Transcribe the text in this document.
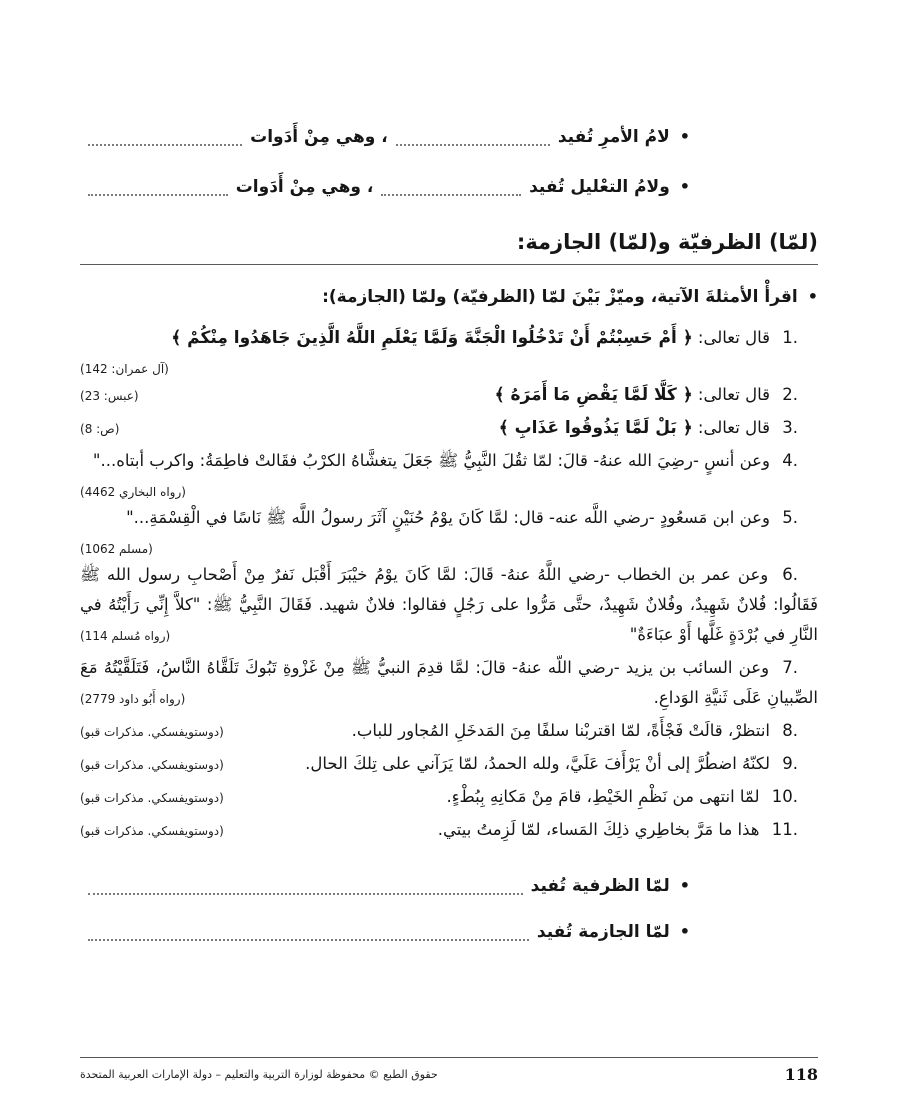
•
لامُ الأمرِ تُفيد
، وهي مِنْ أَدَوات
•
ولامُ التعْليل تُفيد
، وهي مِنْ أَدَوات
(لمّا) الظرفيّة و(لمّا) الجازمة:
•
اقرأْ الأمثلةَ الآتية، وميّزْ بَيْنَ لمّا (الظرفيّة) ولمّا (الجازمة):
1. قال تعالى: ﴿ أَمْ حَسِبْتُمْ أَنْ تَدْخُلُوا الْجَنَّةَ وَلَمَّا يَعْلَمِ اللَّهُ الَّذِينَ جَاهَدُوا مِنْكُمْ ﴾
(آل عمران: 142)
2. قال تعالى: ﴿ كَلَّا لَمَّا يَقْضِ مَا أَمَرَهُ ﴾
(عبس: 23)
3. قال تعالى: ﴿ بَلْ لَمَّا يَذُوقُوا عَذَابِ ﴾
(ص: 8)
4. وعن أنسٍ -رضِيَ الله عنهُ- قالَ: لمّا ثقُلَ النَّبِيُّ ﷺ جَعَلَ يتغشَّاهُ الكرْبُ فقَالتْ فاطِمَةُ: واكرب أبتاه..."
(رواه البخاري 4462)
5. وعن ابن مَسعُودٍ -رضي اللَّه عنه- قال: لمَّا كَانَ يوْمُ حُنَيْنٍ آثَرَ رسولُ اللَّه ﷺ نَاسًا في الْقِسْمَةِ..."
(مسلم 1062)
6. وعن عمر بن الخطاب -رضي اللَّهُ عنهُ- قَالَ: لمَّا كَانَ يوْمُ خيْبَرَ أَقْبَل نَفرٌ مِنْ أَصْحابِ رسول الله ﷺ فَقَالُوا: فُلانٌ شَهِيدٌ، وفُلانٌ شَهِيدٌ، حتَّى مَرُّوا على رَجُلٍ فقالوا: فلانٌ شهيد. فَقَالَ النَّبِيُّ ﷺ: "كلاَّ إِنِّي رَأَيْتُهُ في النَّارِ في بُرْدَةٍ غَلَّها أَوْ عبَاءَةٌ"
(رواه مُسلم 114)
7. وعن السائب بن يزيد -رضي اللّه عنهُ- قالَ: لمَّا قدِمَ النبيُّ ﷺ مِنْ غَزْوةِ تَبُوكَ تَلَقَّاهُ النَّاسُ، فَتَلَقَّيْتُهُ مَعَ الصِّبيانِ عَلَى ثَنيَّةِ الوَداعِ.
(رواه أَبُو داود 2779)
8. انتظرْ، قالَتْ فَجْأَةً، لمّا اقتربْنا سلفًا مِنَ المَدخَلِ المُجاور للباب.
(دوستويفسكي. مذكرات قبو)
9. لكنّهُ اضطُرَّ إلى أنْ يَرْأَفَ عَلَيَّ، ولله الحمدُ، لمّا يَرَآني على تِلكَ الحال.
(دوستويفسكي. مذكرات قبو)
10. لمّا انتهى من نَظْمِ الخَيْطِ، قامَ مِنْ مَكانِهِ بِبُطْءٍ.
(دوستويفسكي. مذكرات قبو)
11. هذا ما مَرَّ بخاطِري ذلِكَ المَساء، لمّا لَزِمتُ بيتي.
(دوستويفسكي. مذكرات قبو)
•
لمّا الظرفية تُفيد
•
لمّا الجازمة تُفيد
حقوق الطبع © محفوظة لوزارة التربية والتعليم – دولة الإمارات العربية المتحدة	118
